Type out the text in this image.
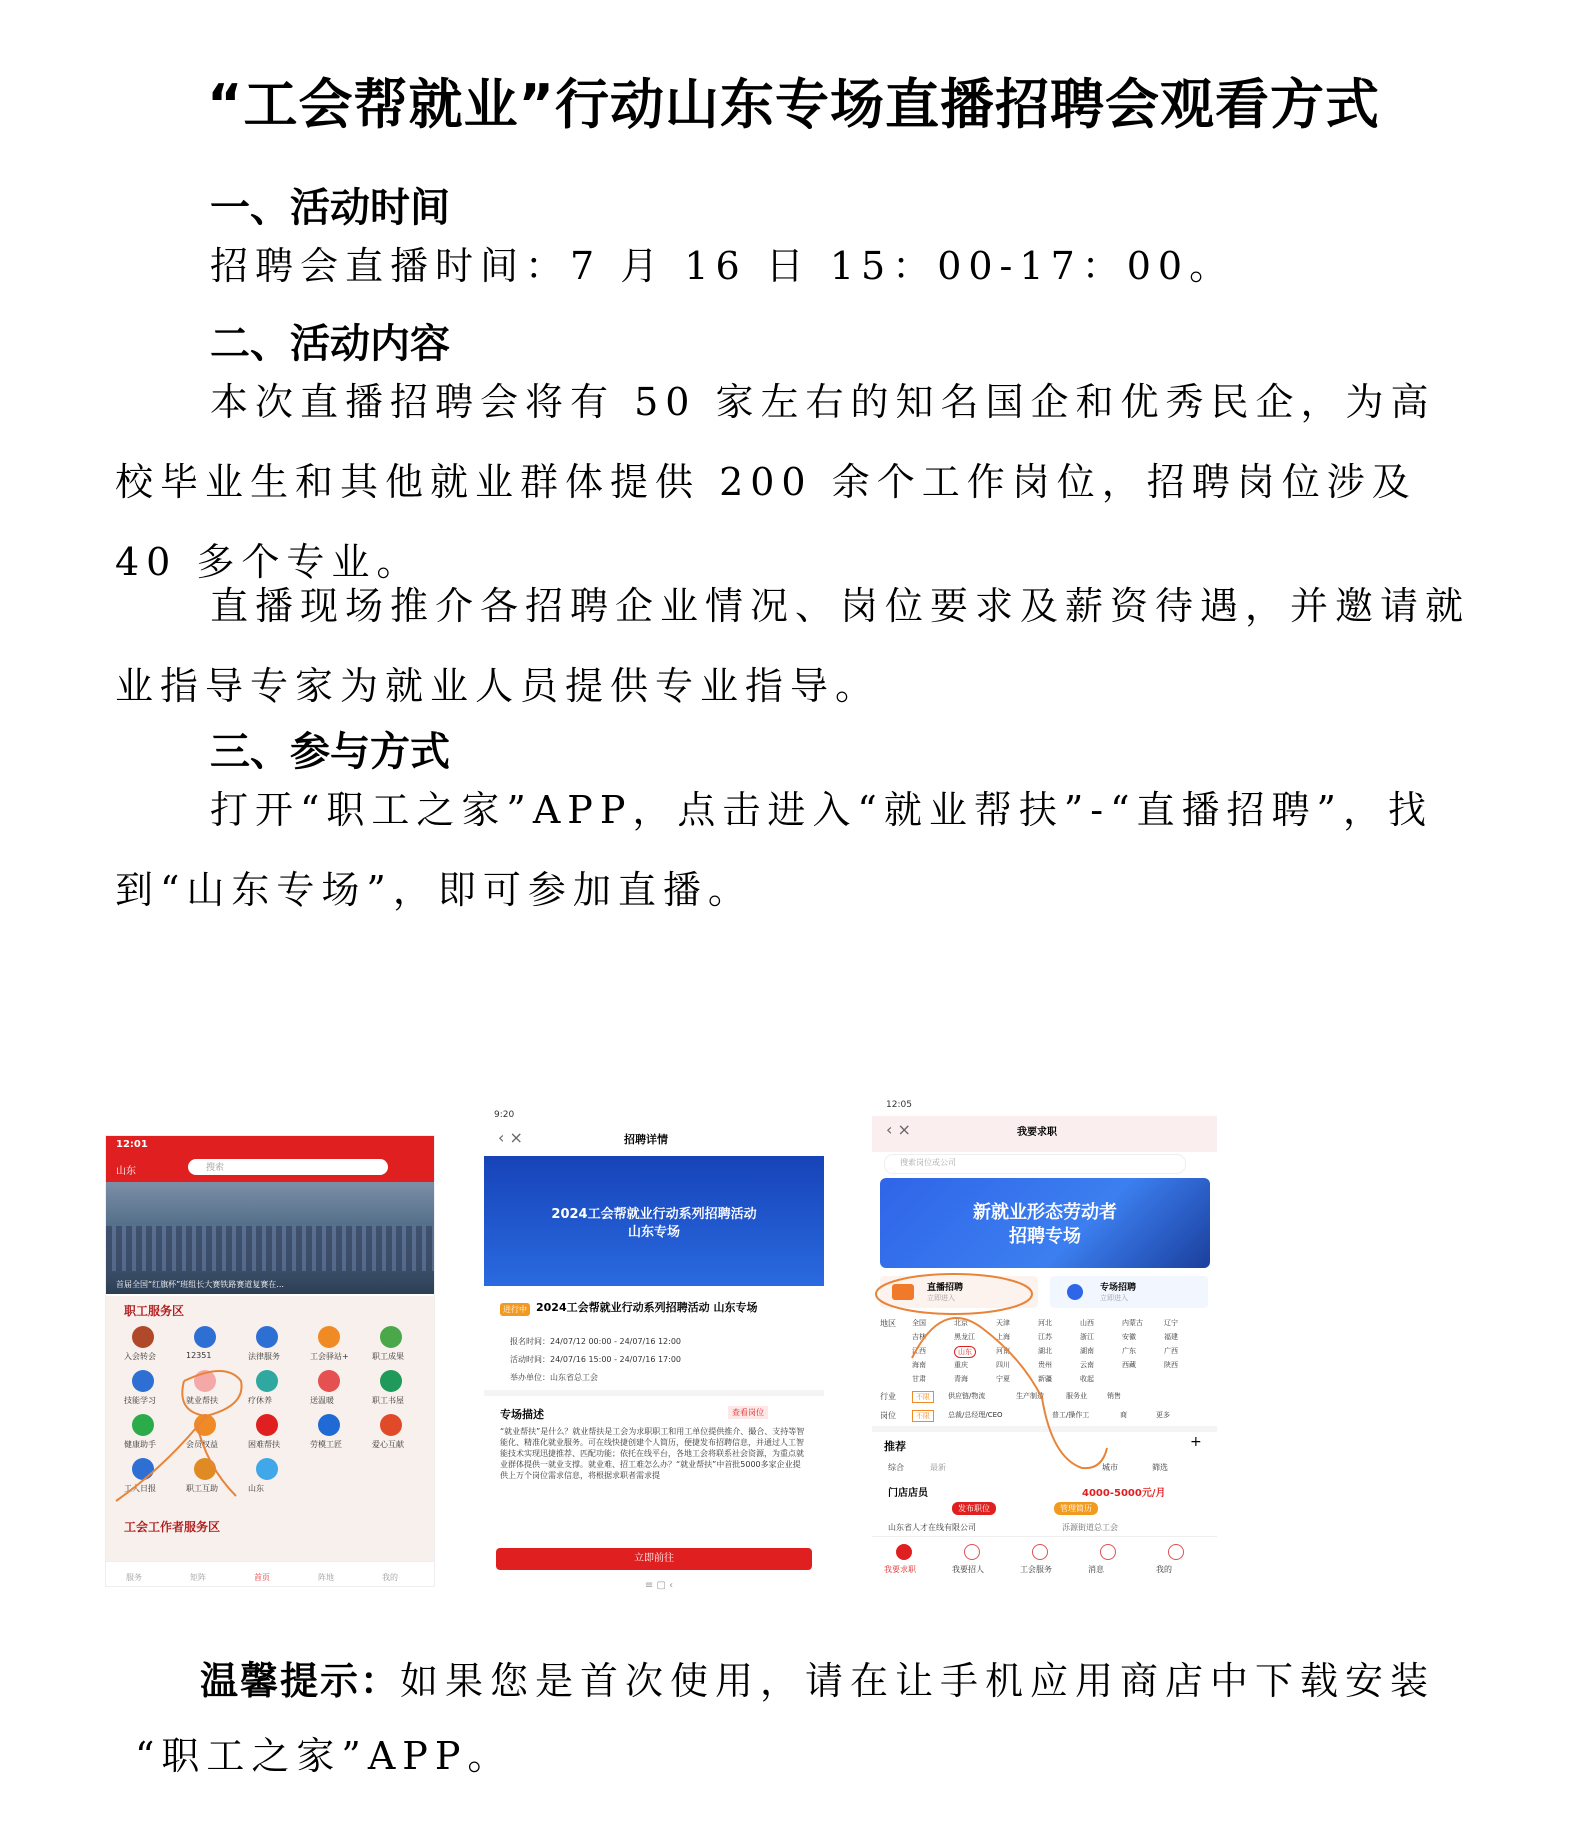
“工会帮就业”行动山东专场直播招聘会观看方式
一、活动时间
招聘会直播时间：7 月 16 日 15：00-17：00。
二、活动内容
本次直播招聘会将有 50 家左右的知名国企和优秀民企，为高校毕业生和其他就业群体提供 200 余个工作岗位，招聘岗位涉及 40 多个专业。
直播现场推介各招聘企业情况、岗位要求及薪资待遇，并邀请就业指导专家为就业人员提供专业指导。
三、参与方式
打开“职工之家”APP，点击进入“就业帮扶”-“直播招聘”，找到“山东专场”，即可参加直播。
12:01
山东	搜索
首届全国“红旗杯”班组长大赛铁路赛道复赛在...
职工服务区
入会转会	12351	法律服务	工会驿站+	职工成果
技能学习	就业帮扶	疗休养	送温暖	职工书屋
健康助手	会员权益	困难帮扶	劳模工匠	爱心互献
工人日报	职工互助	山东
工会工作者服务区
服务	矩阵	首页	阵地	我的
9:20
‹ ×	招聘详情
2024工会帮就业行动系列招聘活动
山东专场
进行中 2024工会帮就业行动系列招聘活动 山东专场
报名时间：24/07/12 00:00 - 24/07/16 12:00
活动时间：24/07/16 15:00 - 24/07/16 17:00
举办单位：山东省总工会
专场描述	查看岗位
“就业帮扶”是什么？就业帮扶是工会为求职职工和用工单位提供推介、撮合、支持等智能化、精准化就业服务。可在线快捷创建个人简历，便捷发布招聘信息，并通过人工智能技术实现迅捷推荐、匹配功能；依托在线平台，各地工会将联系社会资源，为重点就业群体提供一就业支撑。就业难、招工难怎么办？“就业帮扶”中首批5000多家企业提供上万个岗位需求信息，将根据求职者需求提
立即前往
≡ ▢ ‹
12:05
‹ ×	我要求职
搜索岗位或公司
新就业形态劳动者
招聘专场
直播招聘
立即进入
专场招聘
立即进入
地区 全国	北京	天津	河北	山西	内蒙古	辽宁
吉林	黑龙江	上海	江苏	浙江	安徽	福建
江西	山东	河南	湖北	湖南	广东	广西
海南	重庆	四川	贵州	云南	西藏	陕西
甘肃	青海	宁夏	新疆	收起
行业	不限	供应链/物流	生产制造	服务业	销售
岗位	不限	总裁/总经理/CEO	普工/操作工	商	更多
推荐	+
综合	最新	城市	筛选
门店店员	4000-5000元/月
发布职位	管理简历
山东省人才在线有限公司	泺源街道总工会
我要求职	我要招人	工会服务	消息	我的
温馨提示：如果您是首次使用，请在让手机应用商店中下载安装
“职工之家”APP。
